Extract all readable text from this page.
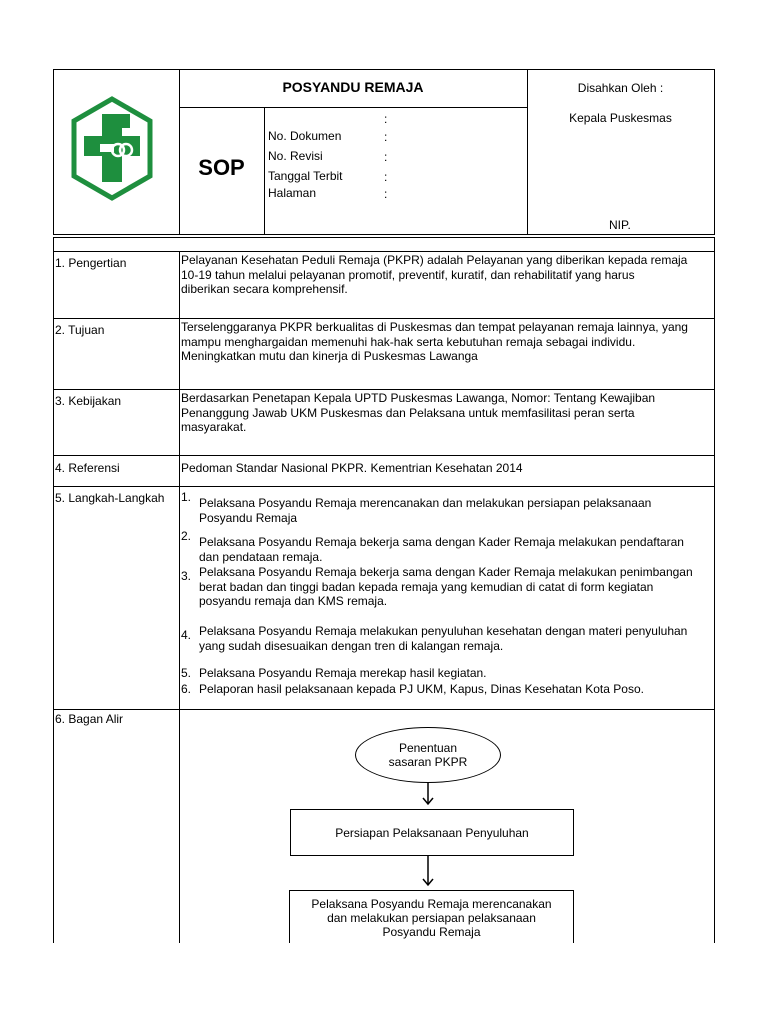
POSYANDU REMAJA
SOP
:
No. Dokumen	:
No. Revisi	:
Tanggal Terbit	:
Halaman	:
Disahkan Oleh :
Kepala Puskesmas
NIP.
1. Pengertian	Pelayanan Kesehatan Peduli Remaja (PKPR) adalah Pelayanan yang diberikan kepada remaja
10-19 tahun melalui pelayanan promotif, preventif, kuratif, dan rehabilitatif yang harus
diberikan secara komprehensif.
2. Tujuan	Terselenggaranya PKPR berkualitas di Puskesmas dan tempat pelayanan remaja lainnya, yang
mampu menghargaidan memenuhi hak-hak serta kebutuhan remaja sebagai individu.
Meningkatkan mutu dan kinerja di Puskesmas Lawanga
3. Kebijakan	Berdasarkan Penetapan Kepala UPTD Puskesmas Lawanga, Nomor: Tentang Kewajiban
Penanggung Jawab UKM Puskesmas dan Pelaksana untuk memfasilitasi peran serta
masyarakat.
4. Referensi	Pedoman Standar Nasional PKPR. Kementrian Kesehatan 2014
5. Langkah-Langkah 1. Pelaksana Posyandu Remaja merencanakan dan melakukan persiapan pelaksanaan
Posyandu Remaja
2. Pelaksana Posyandu Remaja bekerja sama dengan Kader Remaja melakukan pendaftaran
dan pendataan remaja.
3. Pelaksana Posyandu Remaja bekerja sama dengan Kader Remaja melakukan penimbangan
berat badan dan tinggi badan kepada remaja yang kemudian di catat di form kegiatan
posyandu remaja dan KMS remaja.
4. Pelaksana Posyandu Remaja melakukan penyuluhan kesehatan dengan materi penyuluhan
yang sudah disesuaikan dengan tren di kalangan remaja.
5. Pelaksana Posyandu Remaja merekap hasil kegiatan.
6. Pelaporan hasil pelaksanaan kepada PJ UKM, Kapus, Dinas Kesehatan Kota Poso.
6. Bagan Alir
Penentuan
sasaran PKPR
Persiapan Pelaksanaan Penyuluhan
Pelaksana Posyandu Remaja merencanakan
dan melakukan persiapan pelaksanaan
Posyandu Remaja
